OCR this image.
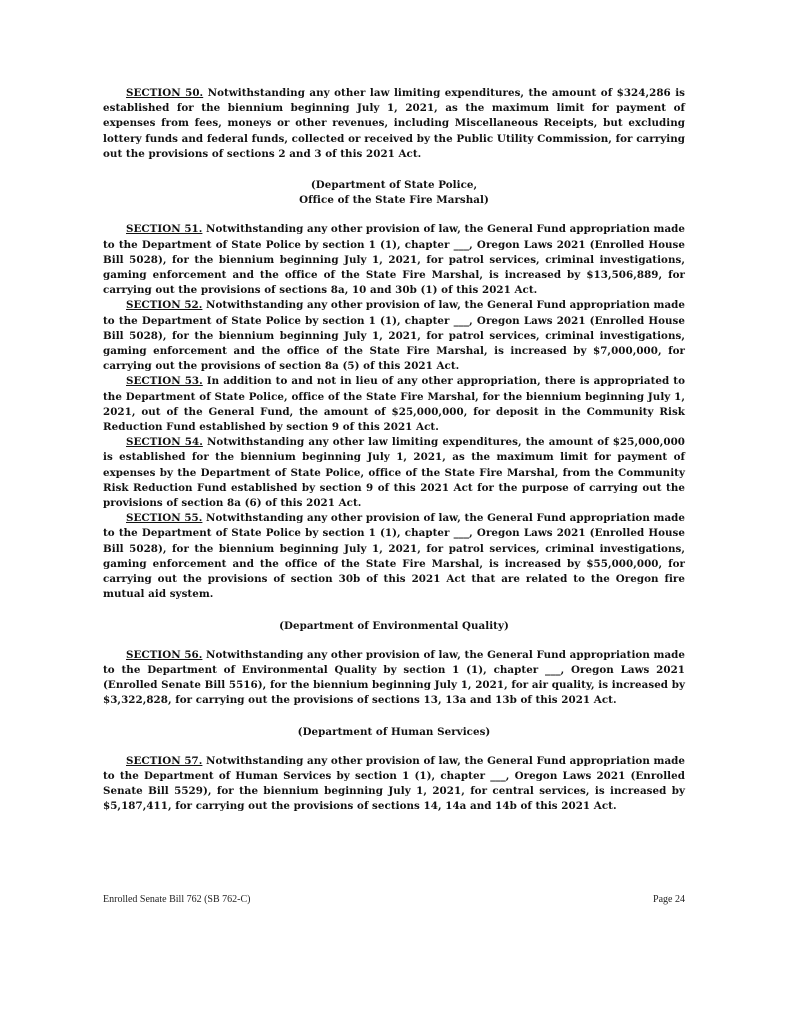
SECTION 50. Notwithstanding any other law limiting expenditures, the amount of $324,286 is established for the biennium beginning July 1, 2021, as the maximum limit for payment of expenses from fees, moneys or other revenues, including Miscellaneous Receipts, but excluding lottery funds and federal funds, collected or received by the Public Utility Commission, for carrying out the provisions of sections 2 and 3 of this 2021 Act.

(Department of State Police,
Office of the State Fire Marshal)

SECTION 51. Notwithstanding any other provision of law, the General Fund appropriation made to the Department of State Police by section 1 (1), chapter ___, Oregon Laws 2021 (Enrolled House Bill 5028), for the biennium beginning July 1, 2021, for patrol services, criminal investigations, gaming enforcement and the office of the State Fire Marshal, is increased by $13,506,889, for carrying out the provisions of sections 8a, 10 and 30b (1) of this 2021 Act.

SECTION 52. Notwithstanding any other provision of law, the General Fund appropriation made to the Department of State Police by section 1 (1), chapter ___, Oregon Laws 2021 (Enrolled House Bill 5028), for the biennium beginning July 1, 2021, for patrol services, criminal investigations, gaming enforcement and the office of the State Fire Marshal, is increased by $7,000,000, for carrying out the provisions of section 8a (5) of this 2021 Act.

SECTION 53. In addition to and not in lieu of any other appropriation, there is appropriated to the Department of State Police, office of the State Fire Marshal, for the biennium beginning July 1, 2021, out of the General Fund, the amount of $25,000,000, for deposit in the Community Risk Reduction Fund established by section 9 of this 2021 Act.

SECTION 54. Notwithstanding any other law limiting expenditures, the amount of $25,000,000 is established for the biennium beginning July 1, 2021, as the maximum limit for payment of expenses by the Department of State Police, office of the State Fire Marshal, from the Community Risk Reduction Fund established by section 9 of this 2021 Act for the purpose of carrying out the provisions of section 8a (6) of this 2021 Act.

SECTION 55. Notwithstanding any other provision of law, the General Fund appropriation made to the Department of State Police by section 1 (1), chapter ___, Oregon Laws 2021 (Enrolled House Bill 5028), for the biennium beginning July 1, 2021, for patrol services, criminal investigations, gaming enforcement and the office of the State Fire Marshal, is increased by $55,000,000, for carrying out the provisions of section 30b of this 2021 Act that are related to the Oregon fire mutual aid system.

(Department of Environmental Quality)

SECTION 56. Notwithstanding any other provision of law, the General Fund appropriation made to the Department of Environmental Quality by section 1 (1), chapter ___, Oregon Laws 2021 (Enrolled Senate Bill 5516), for the biennium beginning July 1, 2021, for air quality, is increased by $3,322,828, for carrying out the provisions of sections 13, 13a and 13b of this 2021 Act.

(Department of Human Services)

SECTION 57. Notwithstanding any other provision of law, the General Fund appropriation made to the Department of Human Services by section 1 (1), chapter ___, Oregon Laws 2021 (Enrolled Senate Bill 5529), for the biennium beginning July 1, 2021, for central services, is increased by $5,187,411, for carrying out the provisions of sections 14, 14a and 14b of this 2021 Act.

Enrolled Senate Bill 762 (SB 762-C)	Page 24
